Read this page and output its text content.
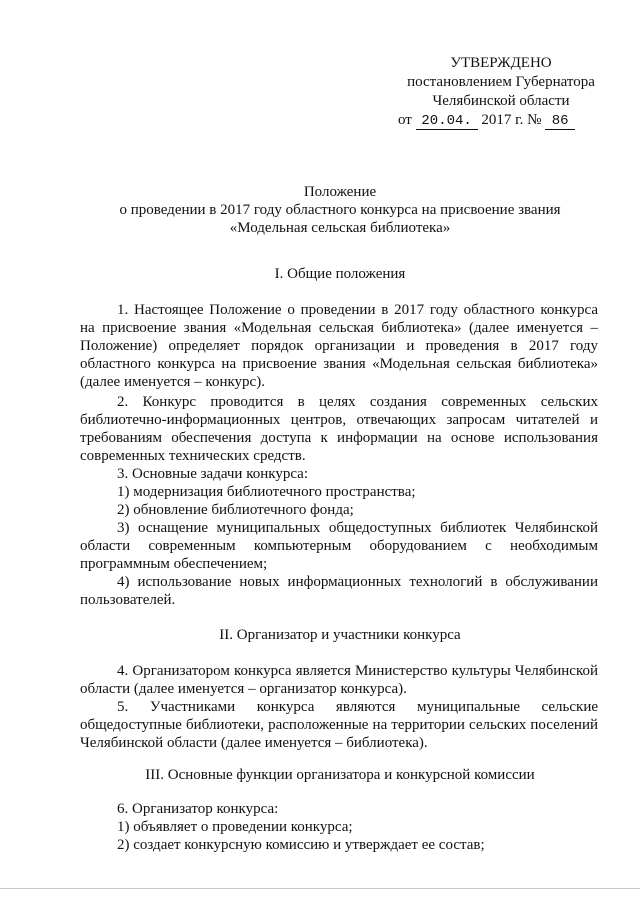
УТВЕРЖДЕНО
постановлением Губернатора
Челябинской области
от 20.04. 2017 г. № 86
Положение
о проведении в 2017 году областного конкурса на присвоение звания
«Модельная сельская библиотека»
I. Общие положения
1. Настоящее Положение о проведении в 2017 году областного конкурса на присвоение звания «Модельная сельская библиотека» (далее именуется – Положение) определяет порядок организации и проведения в 2017 году областного конкурса на присвоение звания «Модельная сельская библиотека» (далее именуется – конкурс).
2. Конкурс проводится в целях создания современных сельских библиотечно-информационных центров, отвечающих запросам читателей и требованиям обеспечения доступа к информации на основе использования современных технических средств.
3. Основные задачи конкурса:
1) модернизация библиотечного пространства;
2) обновление библиотечного фонда;
3) оснащение муниципальных общедоступных библиотек Челябинской области современным компьютерным оборудованием с необходимым программным обеспечением;
4) использование новых информационных технологий в обслуживании пользователей.
II. Организатор и участники конкурса
4. Организатором конкурса является Министерство культуры Челябинской области (далее именуется – организатор конкурса).
5. Участниками конкурса являются муниципальные сельские общедоступные библиотеки, расположенные на территории сельских поселений Челябинской области (далее именуется – библиотека).
III. Основные функции организатора и конкурсной комиссии
6. Организатор конкурса:
1) объявляет о проведении конкурса;
2) создает конкурсную комиссию и утверждает ее состав;
